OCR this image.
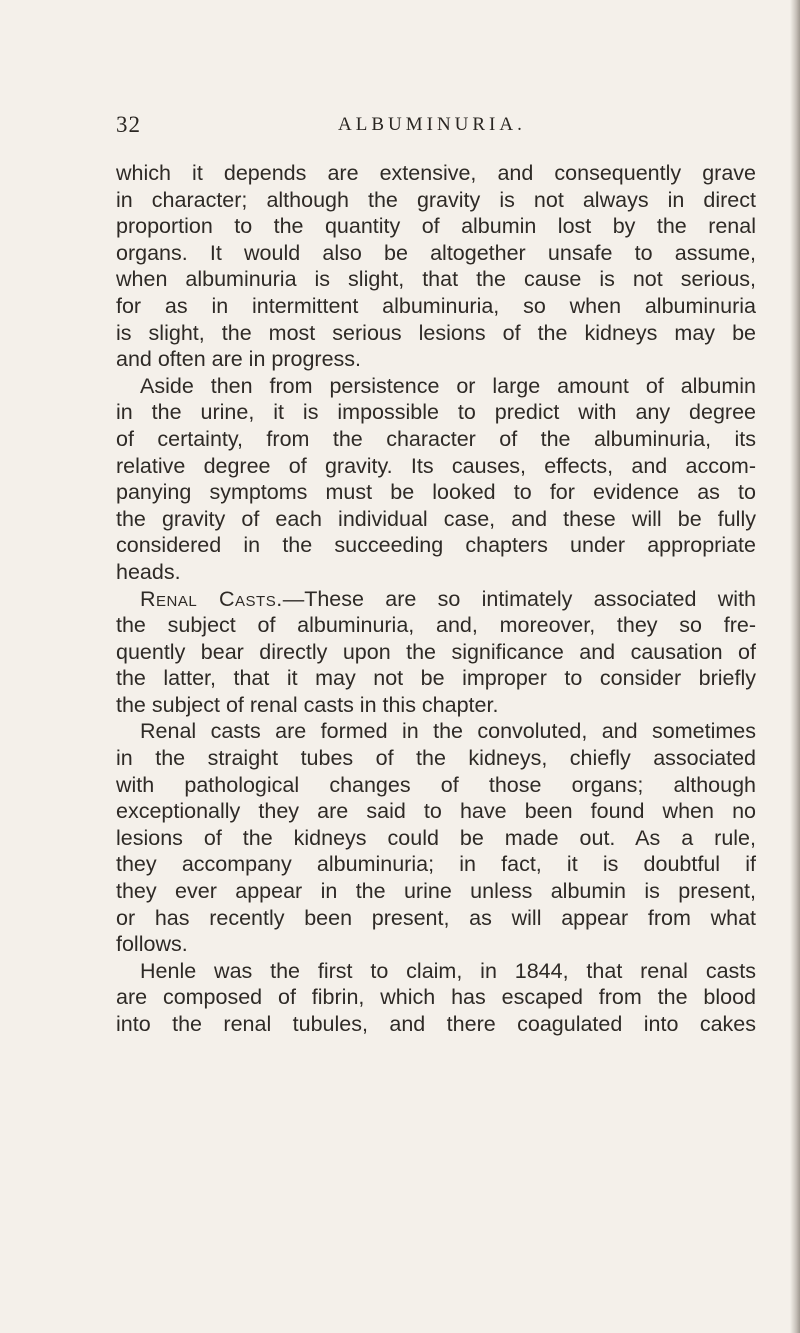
32	ALBUMINURIA.
which it depends are extensive, and consequently grave
in character; although the gravity is not always in direct
proportion to the quantity of albumin lost by the renal
organs. It would also be altogether unsafe to assume,
when albuminuria is slight, that the cause is not serious,
for as in intermittent albuminuria, so when albuminuria
is slight, the most serious lesions of the kidneys may be
and often are in progress.
Aside then from persistence or large amount of albumin
in the urine, it is impossible to predict with any degree
of certainty, from the character of the albuminuria, its
relative degree of gravity. Its causes, effects, and accom-
panying symptoms must be looked to for evidence as to
the gravity of each individual case, and these will be fully
considered in the succeeding chapters under appropriate
heads.
Renal Casts.—These are so intimately associated with
the subject of albuminuria, and, moreover, they so fre-
quently bear directly upon the significance and causation of
the latter, that it may not be improper to consider briefly
the subject of renal casts in this chapter.
Renal casts are formed in the convoluted, and sometimes
in the straight tubes of the kidneys, chiefly associated
with pathological changes of those organs; although
exceptionally they are said to have been found when no
lesions of the kidneys could be made out. As a rule,
they accompany albuminuria; in fact, it is doubtful if
they ever appear in the urine unless albumin is present,
or has recently been present, as will appear from what
follows.
Henle was the first to claim, in 1844, that renal casts
are composed of fibrin, which has escaped from the blood
into the renal tubules, and there coagulated into cakes
